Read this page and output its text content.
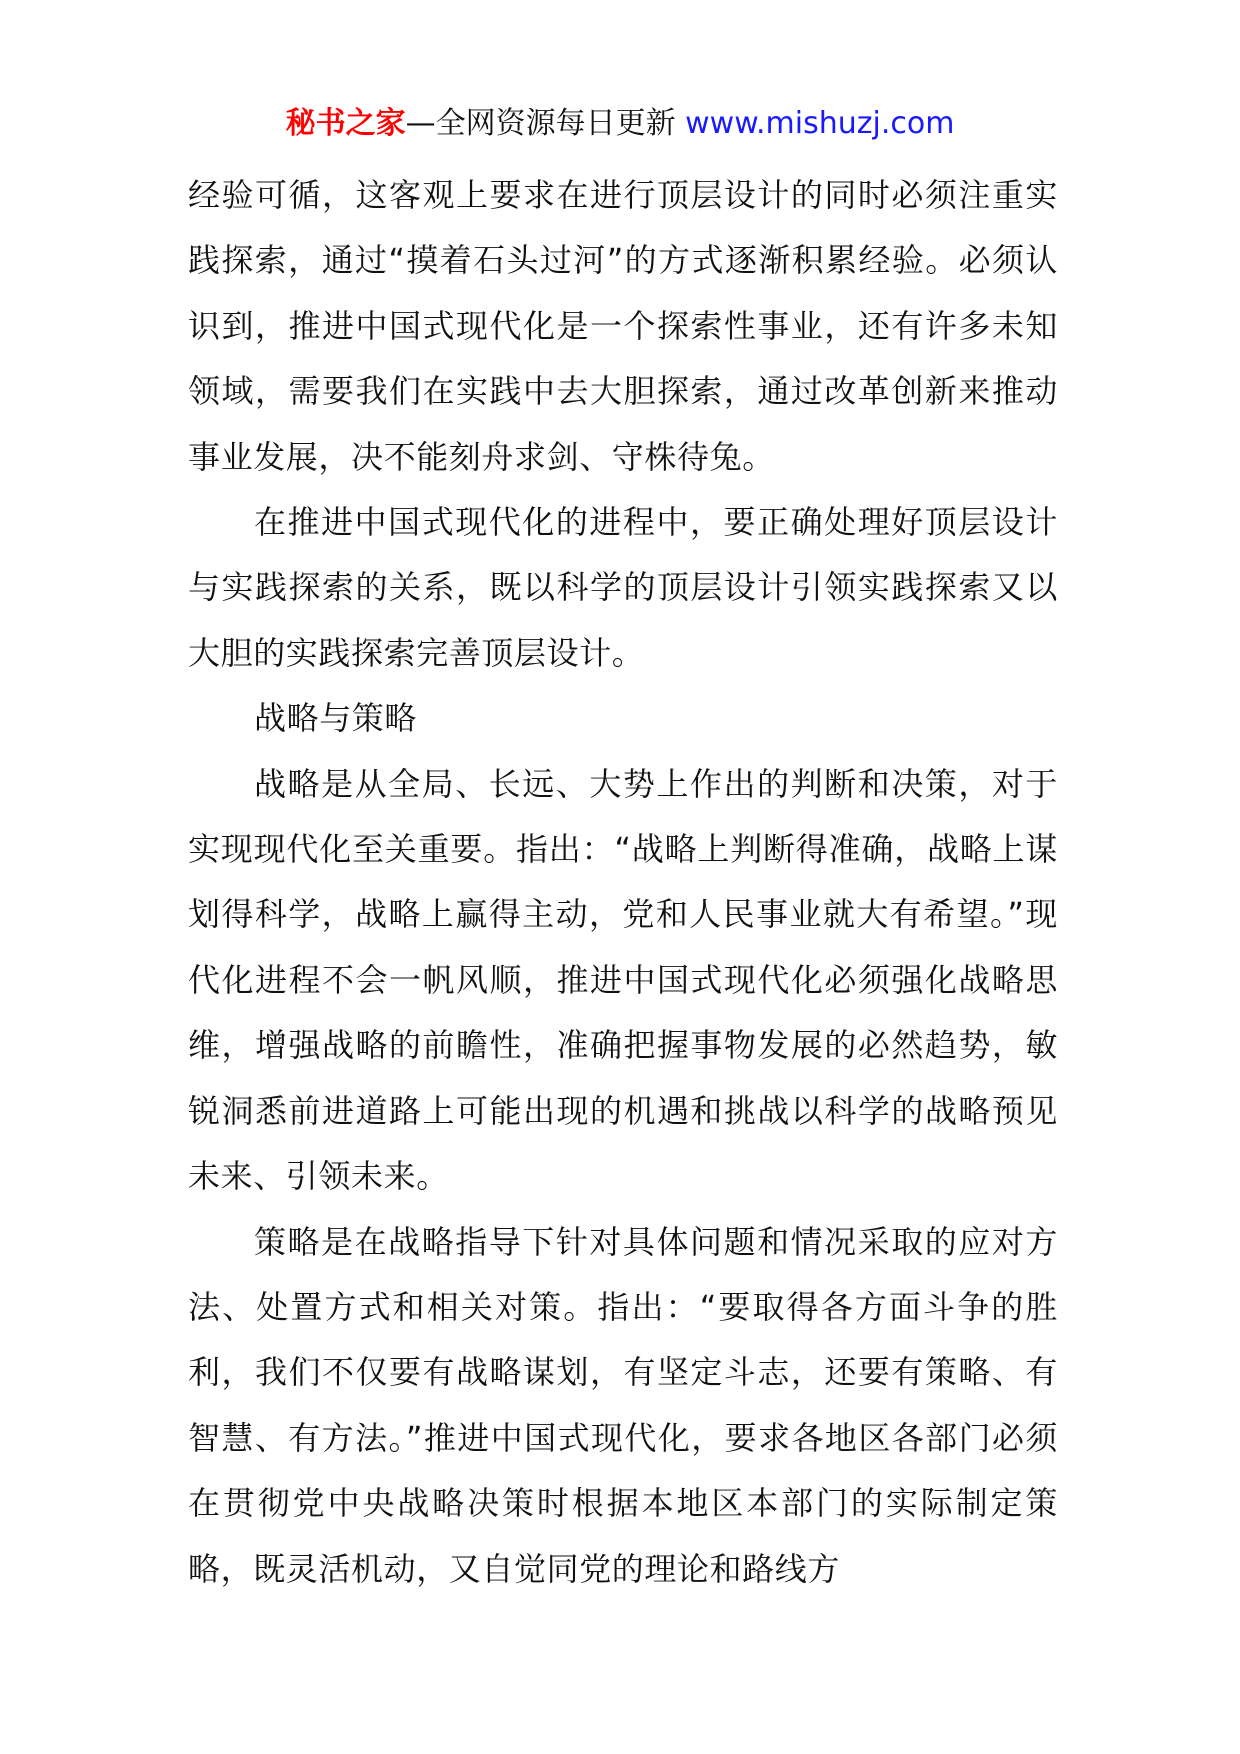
秘书之家—全网资源每日更新 www.mishuzj.com

经验可循，这客观上要求在进行顶层设计的同时必须注重实践探索，通过“摸着石头过河”的方式逐渐积累经验。必须认识到，推进中国式现代化是一个探索性事业，还有许多未知领域，需要我们在实践中去大胆探索，通过改革创新来推动事业发展，决不能刻舟求剑、守株待兔。

在推进中国式现代化的进程中，要正确处理好顶层设计与实践探索的关系，既以科学的顶层设计引领实践探索又以大胆的实践探索完善顶层设计。

战略与策略

战略是从全局、长远、大势上作出的判断和决策，对于实现现代化至关重要。指出：“战略上判断得准确，战略上谋划得科学，战略上赢得主动，党和人民事业就大有希望。”现代化进程不会一帆风顺，推进中国式现代化必须强化战略思维，增强战略的前瞻性，准确把握事物发展的必然趋势，敏锐洞悉前进道路上可能出现的机遇和挑战以科学的战略预见未来、引领未来。

策略是在战略指导下针对具体问题和情况采取的应对方法、处置方式和相关对策。指出：“要取得各方面斗争的胜利，我们不仅要有战略谋划，有坚定斗志，还要有策略、有智慧、有方法。”推进中国式现代化，要求各地区各部门必须在贯彻党中央战略决策时根据本地区本部门的实际制定策略，既灵活机动，又自觉同党的理论和路线方
